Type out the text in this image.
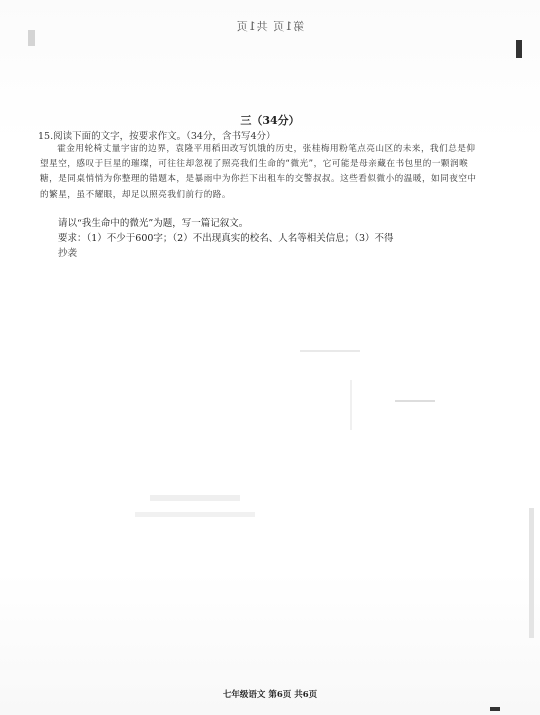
第1页 共1页
三（34分）
15.阅读下面的文字，按要求作文。（34分，含书写4分）
霍金用轮椅丈量宇宙的边界，袁隆平用稻田改写饥饿的历史，张桂梅用粉笔点亮山区的未来，我们总是仰望星空，感叹于巨星的璀璨，可往往却忽视了照亮我们生命的“微光”，它可能是母亲藏在书包里的一颗润喉糖，是同桌悄悄为你整理的错题本，是暴雨中为你拦下出租车的交警叔叔。这些看似微小的温暖，如同夜空中的繁星，虽不耀眼，却足以照亮我们前行的路。
请以“我生命中的微光”为题，写一篇记叙文。
要求：（1）不少于600字；（2）不出现真实的校名、人名等相关信息；（3）不得
抄袭
七年级语文 第6页 共6页
